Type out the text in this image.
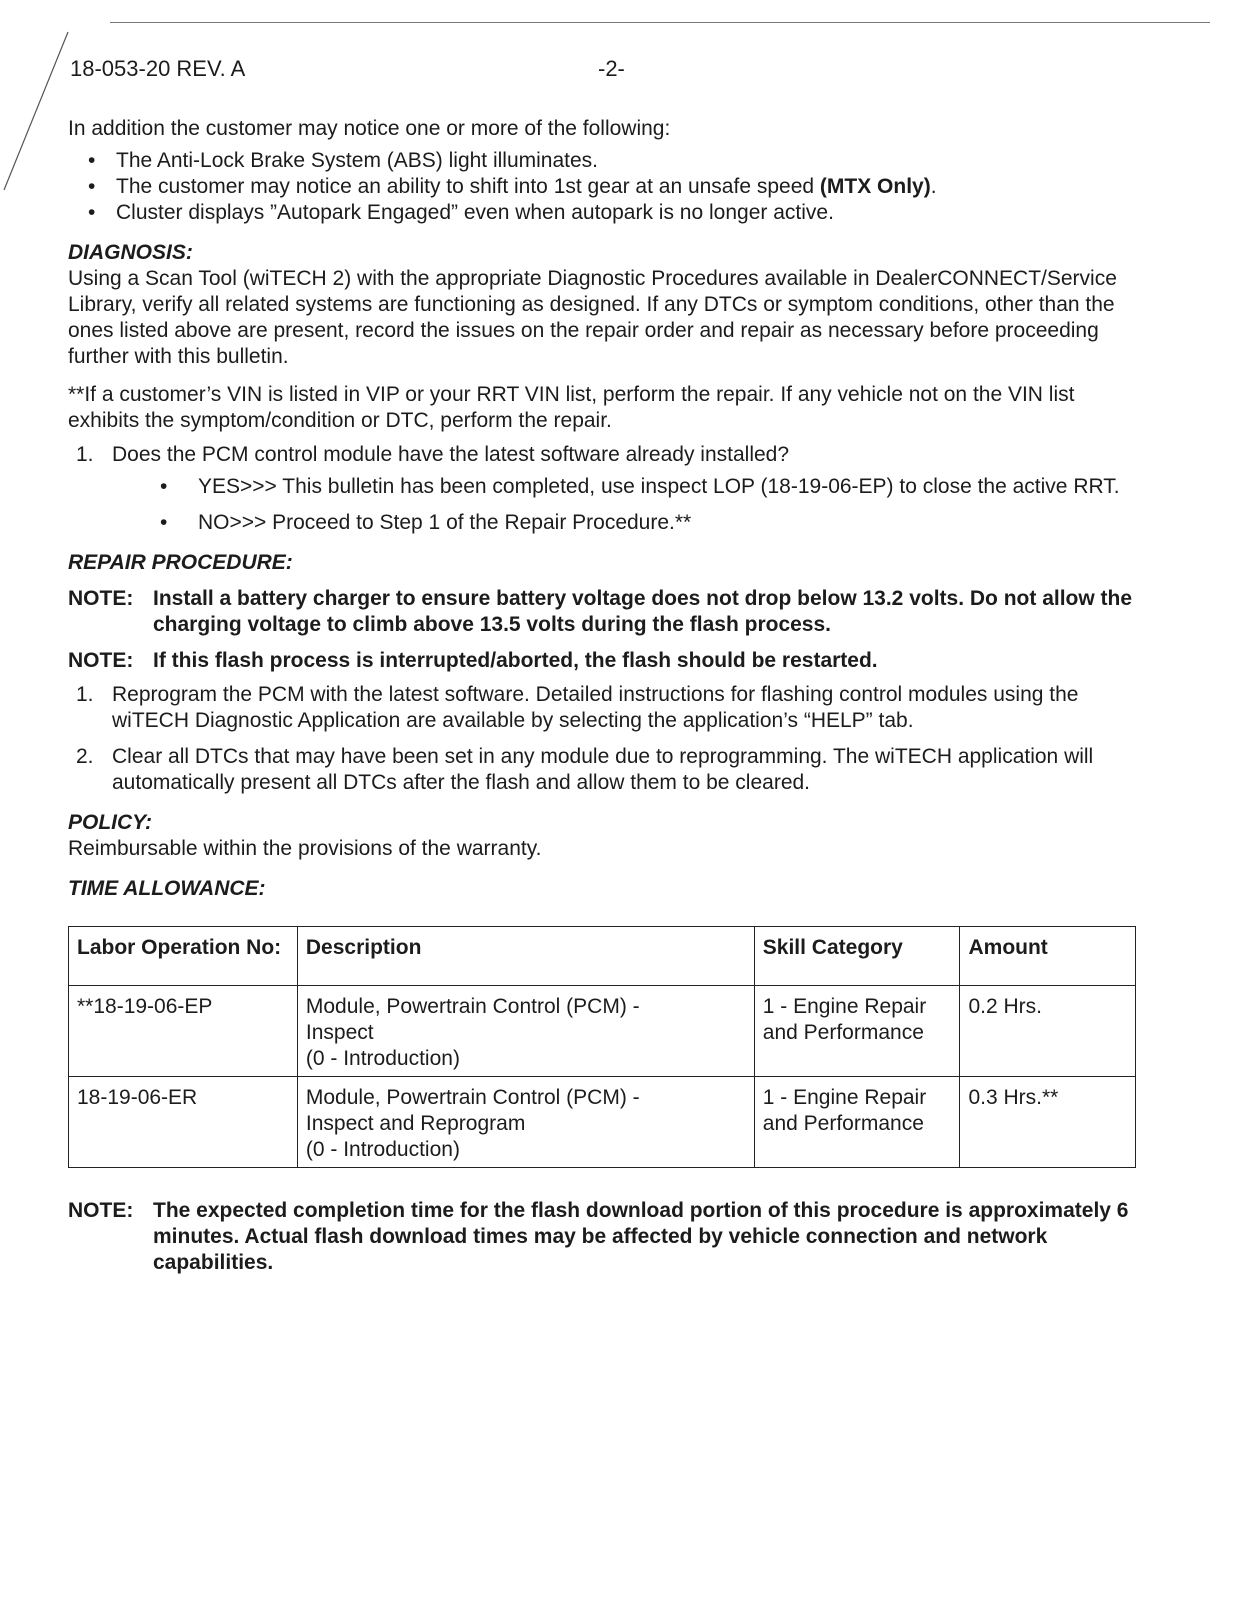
18-053-20 REV. A	-2-

In addition the customer may notice one or more of the following:

• The Anti-Lock Brake System (ABS) light illuminates.
• The customer may notice an ability to shift into 1st gear at an unsafe speed (MTX Only).
• Cluster displays ”Autopark Engaged” even when autopark is no longer active.
DIAGNOSIS:

Using a Scan Tool (wiTECH 2) with the appropriate Diagnostic Procedures available in DealerCONNECT/Service Library, verify all related systems are functioning as designed. If any DTCs or symptom conditions, other than the ones listed above are present, record the issues on the repair order and repair as necessary before proceeding further with this bulletin.

**If a customer’s VIN is listed in VIP or your RRT VIN list, perform the repair. If any vehicle not on the VIN list exhibits the symptom/condition or DTC, perform the repair.

1. Does the PCM control module have the latest software already installed?
• YES>>> This bulletin has been completed, use inspect LOP (18-19-06-EP) to close the active RRT.
• NO>>> Proceed to Step 1 of the Repair Procedure.**
REPAIR PROCEDURE:
NOTE: Install a battery charger to ensure battery voltage does not drop below 13.2 volts. Do not allow the charging voltage to climb above 13.5 volts during the flash process.
NOTE: If this flash process is interrupted/aborted, the flash should be restarted.
1. Reprogram the PCM with the latest software. Detailed instructions for flashing control modules using the wiTECH Diagnostic Application are available by selecting the application’s “HELP” tab.
2. Clear all DTCs that may have been set in any module due to reprogramming. The wiTECH application will automatically present all DTCs after the flash and allow them to be cleared.
POLICY:

Reimbursable within the provisions of the warranty.

TIME ALLOWANCE:
Labor Operation No:	Description	Skill Category	Amount
**18-19-06-EP	Module, Powertrain Control (PCM) -
Inspect
(0 - Introduction)	1 - Engine Repair and Performance	0.2 Hrs.
18-19-06-ER	Module, Powertrain Control (PCM) -
Inspect and Reprogram
(0 - Introduction)	1 - Engine Repair and Performance	0.3 Hrs.**
NOTE: The expected completion time for the flash download portion of this procedure is approximately 6 minutes. Actual flash download times may be affected by vehicle connection and network capabilities.
